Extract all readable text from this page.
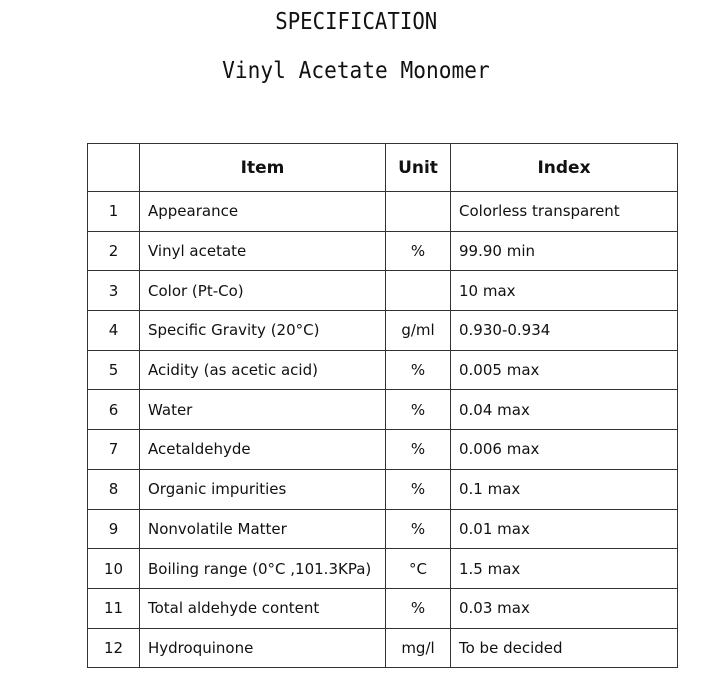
SPECIFICATION
Vinyl Acetate Monomer
	Item	Unit	Index
1	Appearance		Colorless transparent
2	Vinyl acetate	%	99.90 min
3	Color (Pt-Co)		10 max
4	Specific Gravity (20°C)	g/ml	0.930-0.934
5	Acidity (as acetic acid)	%	0.005 max
6	Water	%	0.04 max
7	Acetaldehyde	%	0.006 max
8	Organic impurities	%	0.1 max
9	Nonvolatile Matter	%	0.01 max
10	Boiling range (0°C ,101.3KPa)	°C	1.5 max
11	Total aldehyde content	%	0.03 max
12	Hydroquinone	mg/l	To be decided
